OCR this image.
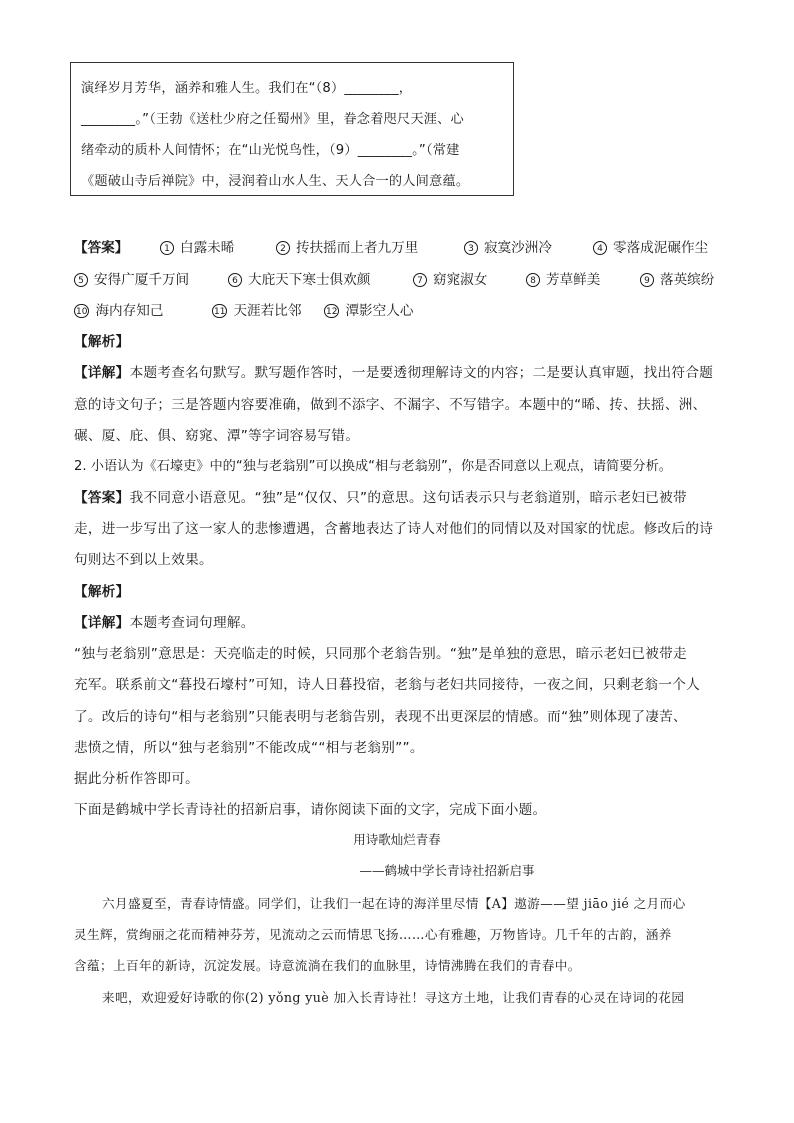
演绎岁月芳华，涵养和雅人生。我们在“（8）________，
________。”（王勃《送杜少府之任蜀州》里，眷念着咫尺天涯、心
绪牵动的质朴人间情怀；在“山光悦鸟性，（9）________。”（常建
《题破山寺后禅院》中，浸润着山水人生、天人合一的人间意蕴。
【答案】	1 白露未晞	2 抟扶摇而上者九万里	3 寂寞沙洲冷	4 零落成泥碾作尘
5 安得广厦千万间	6 大庇天下寒士俱欢颜	7 窈窕淑女	8 芳草鲜美	9 落英缤纷
10 海内存知己	11 天涯若比邻	12 潭影空人心
【解析】
【详解】本题考查名句默写。默写题作答时，一是要透彻理解诗文的内容；二是要认真审题，找出符合题
意的诗文句子；三是答题内容要准确，做到不添字、不漏字、不写错字。本题中的“晞、抟、扶摇、洲、
碾、厦、庇、俱、窈窕、潭”等字词容易写错。
2. 小语认为《石壕吏》中的“独与老翁别”可以换成“相与老翁别”，你是否同意以上观点，请简要分析。
【答案】我不同意小语意见。“独”是“仅仅、只”的意思。这句话表示只与老翁道别，暗示老妇已被带
走，进一步写出了这一家人的悲惨遭遇，含蓄地表达了诗人对他们的同情以及对国家的忧虑。修改后的诗
句则达不到以上效果。
【解析】
【详解】本题考查词句理解。
“独与老翁别”意思是：天亮临走的时候，只同那个老翁告别。“独”是单独的意思，暗示老妇已被带走
充军。联系前文“暮投石壕村”可知，诗人日暮投宿，老翁与老妇共同接待，一夜之间，只剩老翁一个人
了。改后的诗句“相与老翁别”只能表明与老翁告别，表现不出更深层的情感。而“独”则体现了凄苦、
悲愤之情，所以“独与老翁别”不能改成““相与老翁别””。
据此分析作答即可。
下面是鹤城中学长青诗社的招新启事，请你阅读下面的文字，完成下面小题。
用诗歌灿烂青春
——鹤城中学长青诗社招新启事
六月盛夏至，青春诗情盛。同学们，让我们一起在诗的海洋里尽情【A】遨游——望 jiāo jié 之月而心
灵生辉，赏绚丽之花而精神芬芳，见流动之云而情思飞扬……心有雅趣，万物皆诗。几千年的古韵，涵养
含蕴；上百年的新诗，沉淀发展。诗意流淌在我们的血脉里，诗情沸腾在我们的青春中。
来吧，欢迎爱好诗歌的你(2) yǒng yuè 加入长青诗社！寻这方土地，让我们青春的心灵在诗词的花园
